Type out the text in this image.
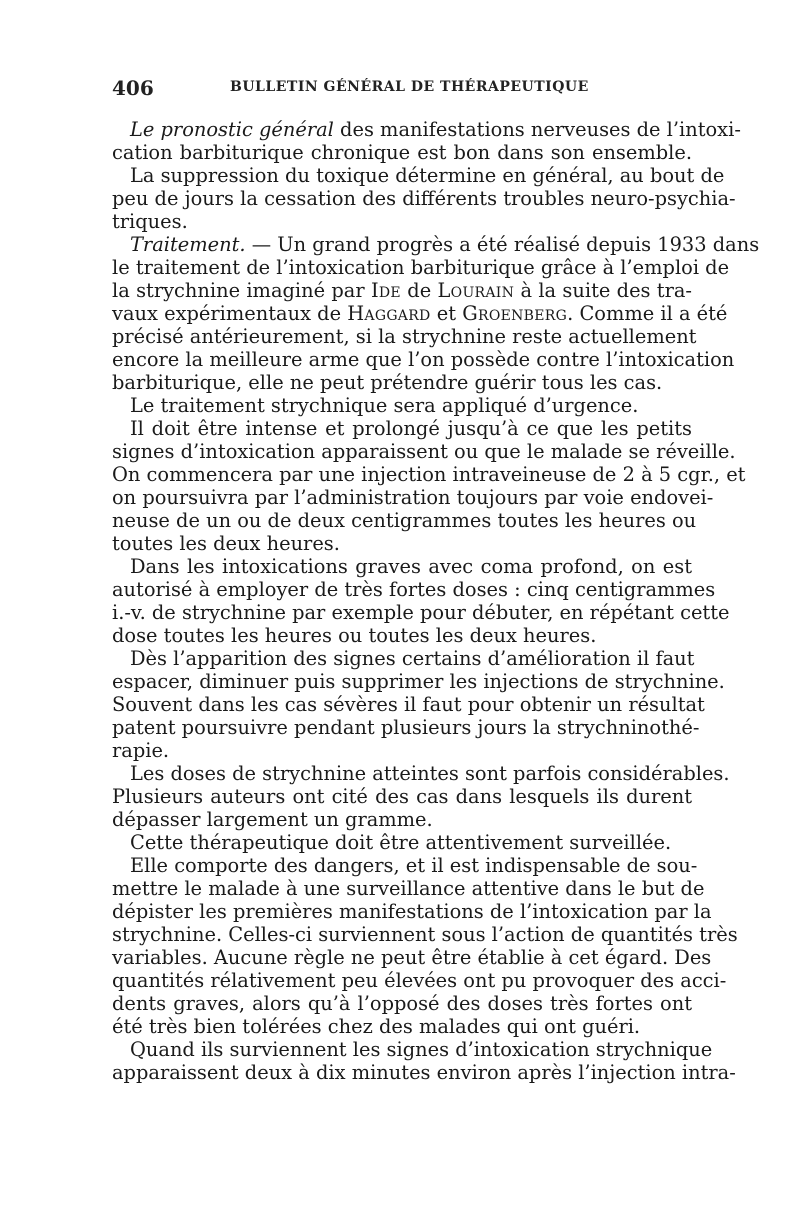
406	BULLETIN GÉNÉRAL DE THÉRAPEUTIQUE
Le pronostic général des manifestations nerveuses de l’intoxi-
cation barbiturique chronique est bon dans son ensemble.
La suppression du toxique détermine en général, au bout de
peu de jours la cessation des différents troubles neuro-psychia-
triques.
Traitement. — Un grand progrès a été réalisé depuis 1933 dans
le traitement de l’intoxication barbiturique grâce à l’emploi de
la strychnine imaginé par Ide de Lourain à la suite des tra-
vaux expérimentaux de Haggard et Groenberg. Comme il a été
précisé antérieurement, si la strychnine reste actuellement
encore la meilleure arme que l’on possède contre l’intoxication
barbiturique, elle ne peut prétendre guérir tous les cas.
Le traitement strychnique sera appliqué d’urgence.
Il doit être intense et prolongé jusqu’à ce que les petits
signes d’intoxication apparaissent ou que le malade se réveille.
On commencera par une injection intraveineuse de 2 à 5 cgr., et
on poursuivra par l’administration toujours par voie endovei-
neuse de un ou de deux centigrammes toutes les heures ou
toutes les deux heures.
Dans les intoxications graves avec coma profond, on est
autorisé à employer de très fortes doses : cinq centigrammes
i.-v. de strychnine par exemple pour débuter, en répétant cette
dose toutes les heures ou toutes les deux heures.
Dès l’apparition des signes certains d’amélioration il faut
espacer, diminuer puis supprimer les injections de strychnine.
Souvent dans les cas sévères il faut pour obtenir un résultat
patent poursuivre pendant plusieurs jours la strychninothé-
rapie.
Les doses de strychnine atteintes sont parfois considérables.
Plusieurs auteurs ont cité des cas dans lesquels ils durent
dépasser largement un gramme.
Cette thérapeutique doit être attentivement surveillée.
Elle comporte des dangers, et il est indispensable de sou-
mettre le malade à une surveillance attentive dans le but de
dépister les premières manifestations de l’intoxication par la
strychnine. Celles-ci surviennent sous l’action de quantités très
variables. Aucune règle ne peut être établie à cet égard. Des
quantités rélativement peu élevées ont pu provoquer des acci-
dents graves, alors qu’à l’opposé des doses très fortes ont
été très bien tolérées chez des malades qui ont guéri.
Quand ils surviennent les signes d’intoxication strychnique
apparaissent deux à dix minutes environ après l’injection intra-
